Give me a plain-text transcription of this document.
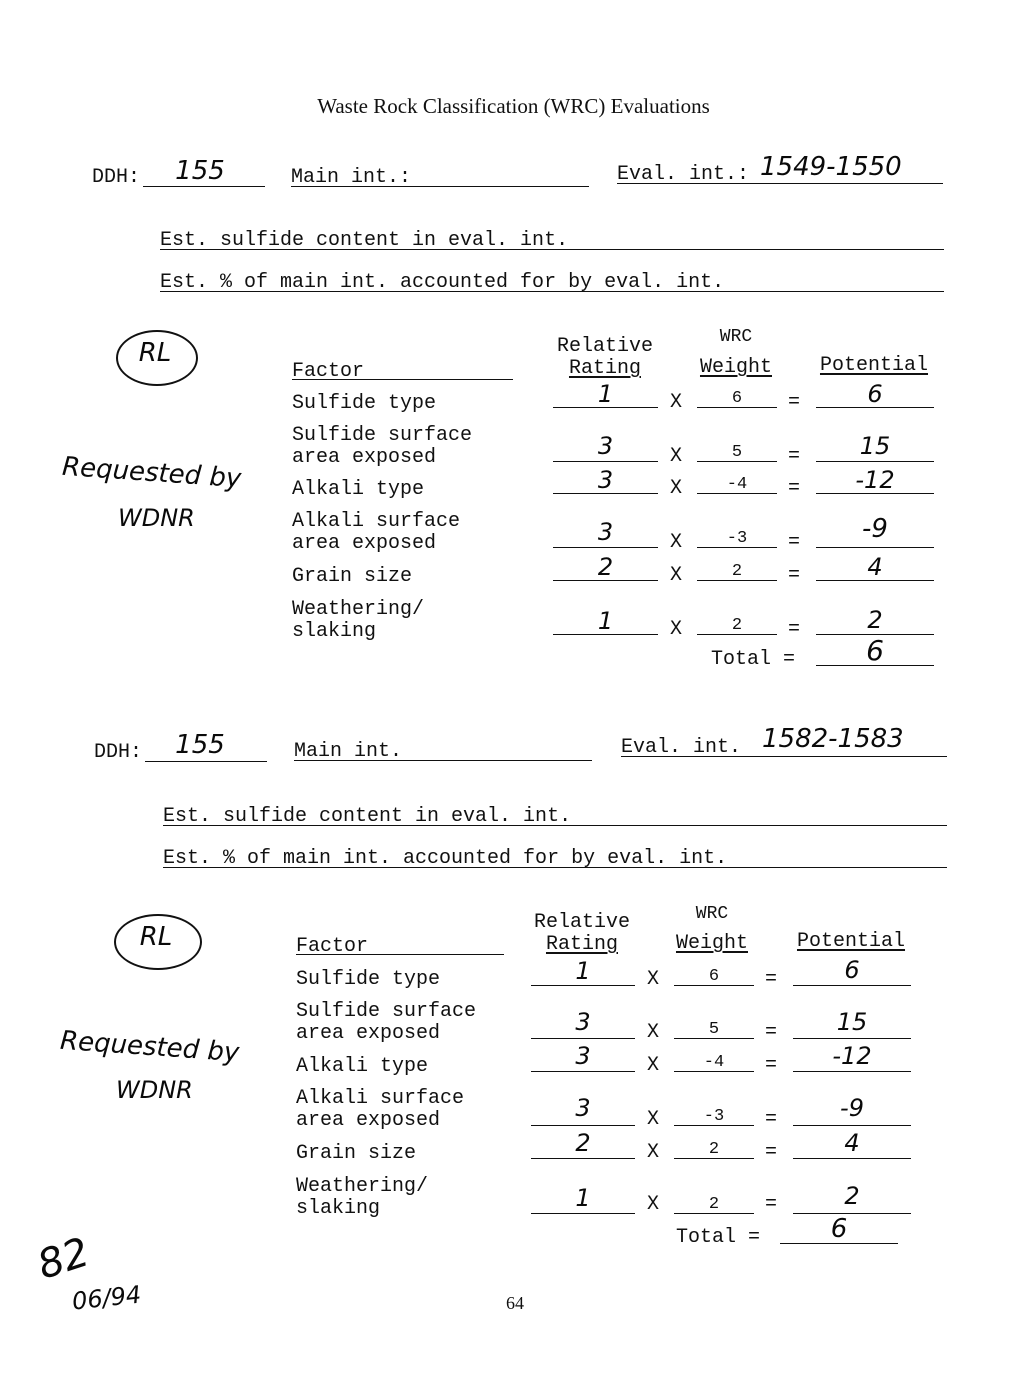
Waste Rock Classification (WRC) Evaluations
DDH:	155	Main int.:	Eval. int.: 1549-1550
Est. sulfide content in eval. int.
Est. % of main int. accounted for by eval. int.
RL
Requested by
WDNR
Factor
Relative
Rating
WRC
Weight	Potential
Sulfide type	1	X	6	=	6
Sulfide surface
area exposed	3	X	5	=	15
Alkali type	3	X	-4	=	-12
Alkali surface
area exposed	3	X	-3	=	-9
Grain size	2	X	2	=	4
Weathering/
slaking	1	X	2	=	2
Total =	6
DDH:	155	Main int.	Eval. int. 1582-1583
Est. sulfide content in eval. int.
Est. % of main int. accounted for by eval. int.
RL
Requested by
WDNR
Factor
Relative
Rating
WRC
Weight	Potential
Sulfide type	1	X	6	=	6
Sulfide surface
area exposed	3	X	5	=	15
Alkali type	3	X	-4	=	-12
Alkali surface
area exposed	3	X	-3	=	-9
Grain size	2	X	2	=	4
Weathering/
slaking	1	X	2	=	2
Total =	6
82
06/94	64
